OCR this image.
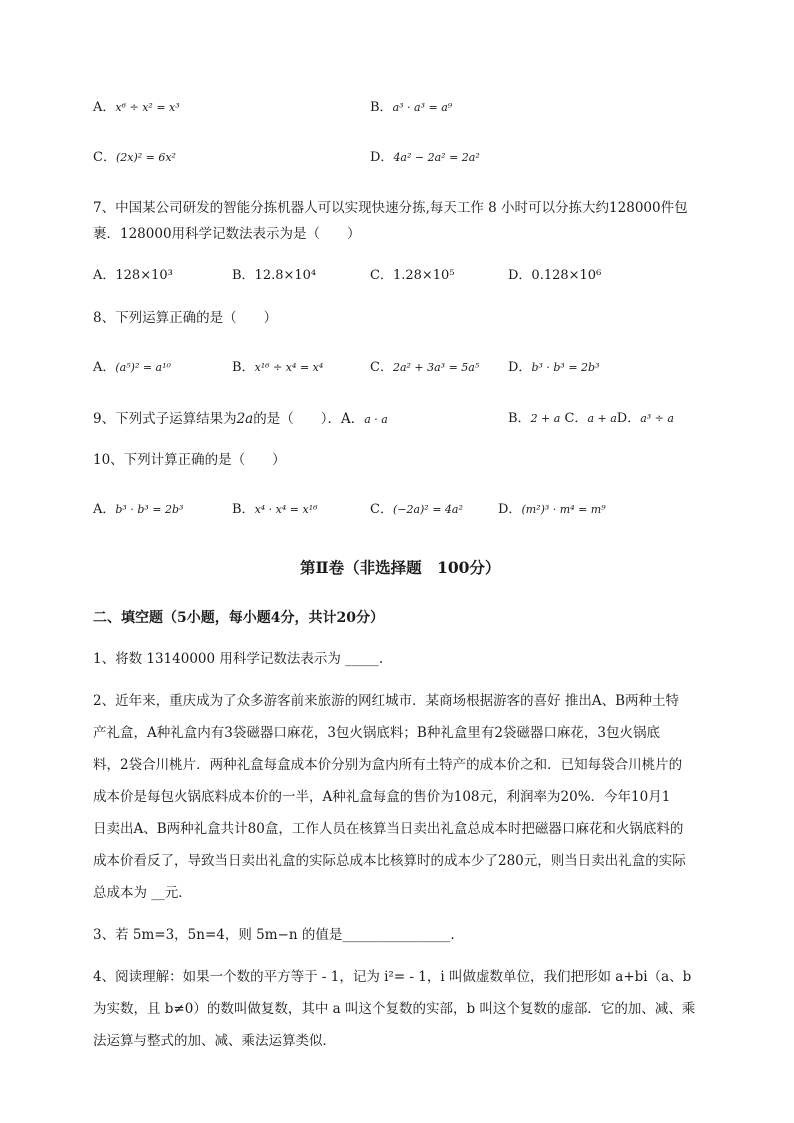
A．x⁶ ÷ x² = x³	B．a³ · a³ = a⁹
C．(2x)² = 6x²	D．4a² − 2a² = 2a²
7、中国某公司研发的智能分拣机器人可以实现快速分拣,每天工作 8 小时可以分拣大约128000件包
裹．128000用科学记数法表示为是（　　）
A．128×10³	B．12.8×10⁴	C．1.28×10⁵	D．0.128×10⁶
8、下列运算正确的是（　　）
A．(a⁵)² = a¹⁰	B．x¹⁶ ÷ x⁴ = x⁴	C．2a² + 3a³ = 5a⁵ D．b³ · b³ = 2b³
9、下列式子运算结果为2a的是（　　）．A．a · a	B．2 + a C．a + aD．a³ ÷ a
10、下列计算正确的是（　　）
A．b³ · b³ = 2b³	B．x⁴ · x⁴ = x¹⁶	C．(−2a)² = 4a²	D．(m²)³ · m⁴ = m⁹
第Ⅱ卷（非选择题　100分）
二、填空题（5小题，每小题4分，共计20分）
1、将数 13140000 用科学记数法表示为 _____.
2、近年来，重庆成为了众多游客前来旅游的网红城市．某商场根据游客的喜好 推出A、B两种土特
产礼盒，A种礼盒内有3袋磁器口麻花，3包火锅底料；B种礼盒里有2袋磁器口麻花，3包火锅底
料，2袋合川桃片．两种礼盒每盒成本价分别为盒内所有土特产的成本价之和．已知每袋合川桃片的
成本价是每包火锅底料成本价的一半，A种礼盒每盒的售价为108元，利润率为20%．今年10月1
日卖出A、B两种礼盒共计80盒，工作人员在核算当日卖出礼盒总成本时把磁器口麻花和火锅底料的
成本价看反了，导致当日卖出礼盒的实际总成本比核算时的成本少了280元，则当日卖出礼盒的实际
总成本为 __元．
3、若 5m=3，5n=4，则 5m−n 的值是________________.
4、阅读理解：如果一个数的平方等于 - 1，记为 i²= - 1，i 叫做虚数单位，我们把形如 a+bi（a、b
为实数，且 b≠0）的数叫做复数，其中 a 叫这个复数的实部，b 叫这个复数的虚部．它的加、减、乘
法运算与整式的加、减、乘法运算类似．
